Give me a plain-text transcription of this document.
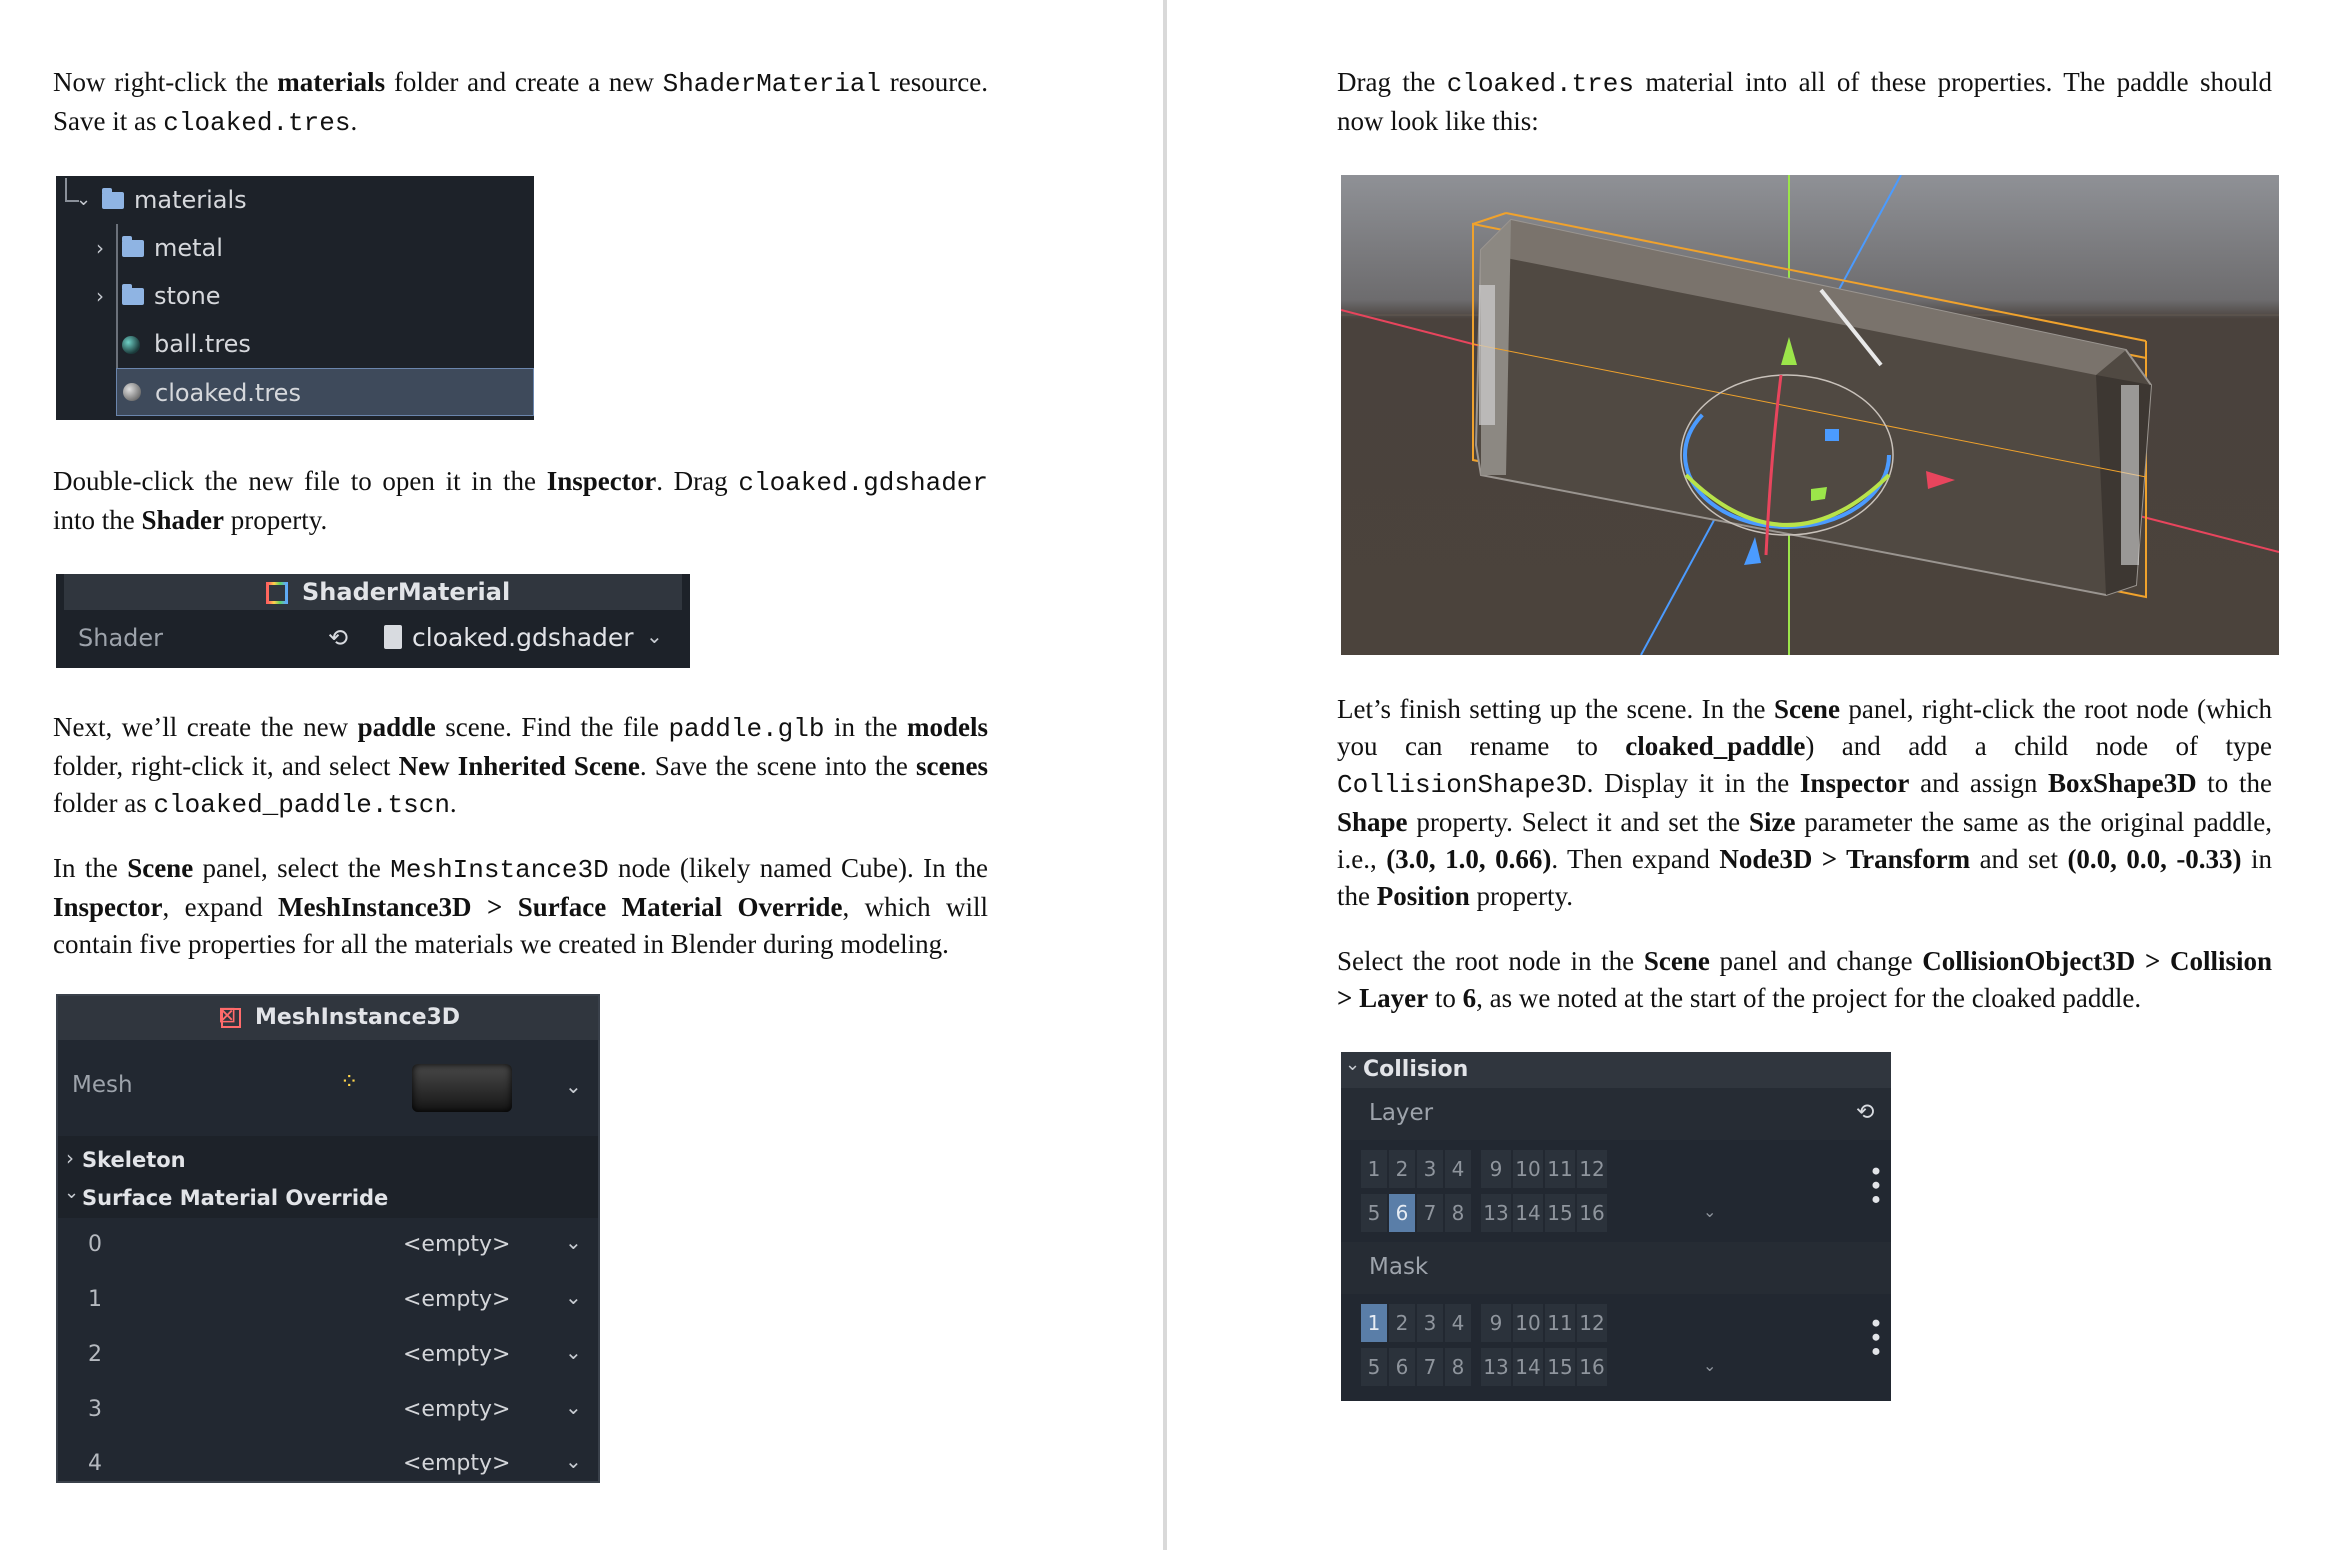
Now right-click the materials folder and create a new ShaderMaterial resource.
Save it as cloaked.tres.
⌄ materials
› metal
› stone
ball.tres
cloaked.tres
Double-click the new file to open it in the Inspector. Drag cloaked.gdshader
into the Shader property.
ShaderMaterial
Shader	⟲	cloaked.gdshader ⌄
Next, we’ll create the new paddle scene. Find the file paddle.glb in the models
folder, right-click it, and select New Inherited Scene. Save the scene into the scenes
folder as cloaked_paddle.tscn.
In the Scene panel, select the MeshInstance3D node (likely named Cube). In the
Inspector, expand MeshInstance3D > Surface Material Override, which will
contain five properties for all the materials we created in Blender during modeling.
⊠ MeshInstance3D
Mesh	⁘	⌄
› Skeleton
⌄ Surface Material Override
0	<empty>	⌄
1	<empty>	⌄
2	<empty>	⌄
3	<empty>	⌄
4	<empty>	⌄
Drag the cloaked.tres material into all of these properties. The paddle should
now look like this:
Let’s finish setting up the scene. In the Scene panel, right-click the root node (which
you can rename to cloaked_paddle) and add a child node of type
CollisionShape3D. Display it in the Inspector and assign BoxShape3D to the
Shape property. Select it and set the Size parameter the same as the original paddle,
i.e., (3.0, 1.0, 0.66). Then expand Node3D > Transform and set (0.0, 0.0, -0.33) in
the Position property.
Select the root node in the Scene panel and change CollisionObject3D > Collision
> Layer to 6, as we noted at the start of the project for the cloaked paddle.
⌄ Collision
Layer	⟲
1 2 3 4	9 10 11 12
5 6 7 8 13 14 15 16	⌄
•••
Mask
1 2 3 4	9 10 11 12
5 6 7 8 13 14 15 16	⌄
•••
